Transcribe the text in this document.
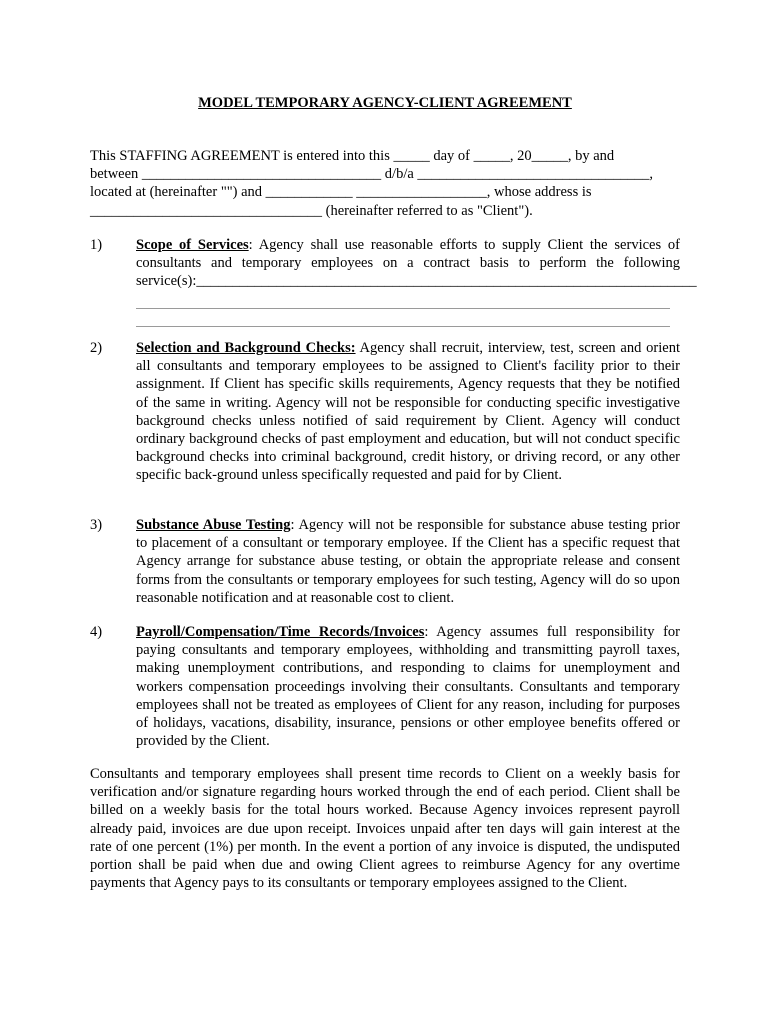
MODEL TEMPORARY AGENCY-CLIENT AGREEMENT
This STAFFING AGREEMENT is entered into this _____ day of _____, 20_____, by and
between _________________________________ d/b/a ________________________________,
located at (hereinafter "") and ____________ __________________, whose address is
________________________________ (hereinafter referred to as "Client").
1) Scope of Services: Agency shall use reasonable efforts to supply Client the services of consultants and temporary employees on a contract basis to perform the following service(s):_____________________________________________________________________
2) Selection and Background Checks: Agency shall recruit, interview, test, screen and orient all consultants and temporary employees to be assigned to Client's facility prior to their assignment. If Client has specific skills requirements, Agency requests that they be notified of the same in writing. Agency will not be responsible for conducting specific investigative background checks unless notified of said requirement by Client. Agency will conduct ordinary background checks of past employment and education, but will not conduct specific background checks into criminal background, credit history, or driving record, or any other specific back-ground unless specifically requested and paid for by Client.
3) Substance Abuse Testing: Agency will not be responsible for substance abuse testing prior to placement of a consultant or temporary employee. If the Client has a specific request that Agency arrange for substance abuse testing, or obtain the appropriate release and consent forms from the consultants or temporary employees for such testing, Agency will do so upon reasonable notification and at reasonable cost to client.
4) Payroll/Compensation/Time Records/Invoices: Agency assumes full responsibility for paying consultants and temporary employees, withholding and transmitting payroll taxes, making unemployment contributions, and responding to claims for unemployment and workers compensation proceedings involving their consultants. Consultants and temporary employees shall not be treated as employees of Client for any reason, including for purposes of holidays, vacations, disability, insurance, pensions or other employee benefits offered or provided by the Client.
Consultants and temporary employees shall present time records to Client on a weekly basis for verification and/or signature regarding hours worked through the end of each period. Client shall be billed on a weekly basis for the total hours worked. Because Agency invoices represent payroll already paid, invoices are due upon receipt. Invoices unpaid after ten days will gain interest at the rate of one percent (1%) per month. In the event a portion of any invoice is disputed, the undisputed portion shall be paid when due and owing Client agrees to reimburse Agency for any overtime payments that Agency pays to its consultants or temporary employees assigned to the Client.
